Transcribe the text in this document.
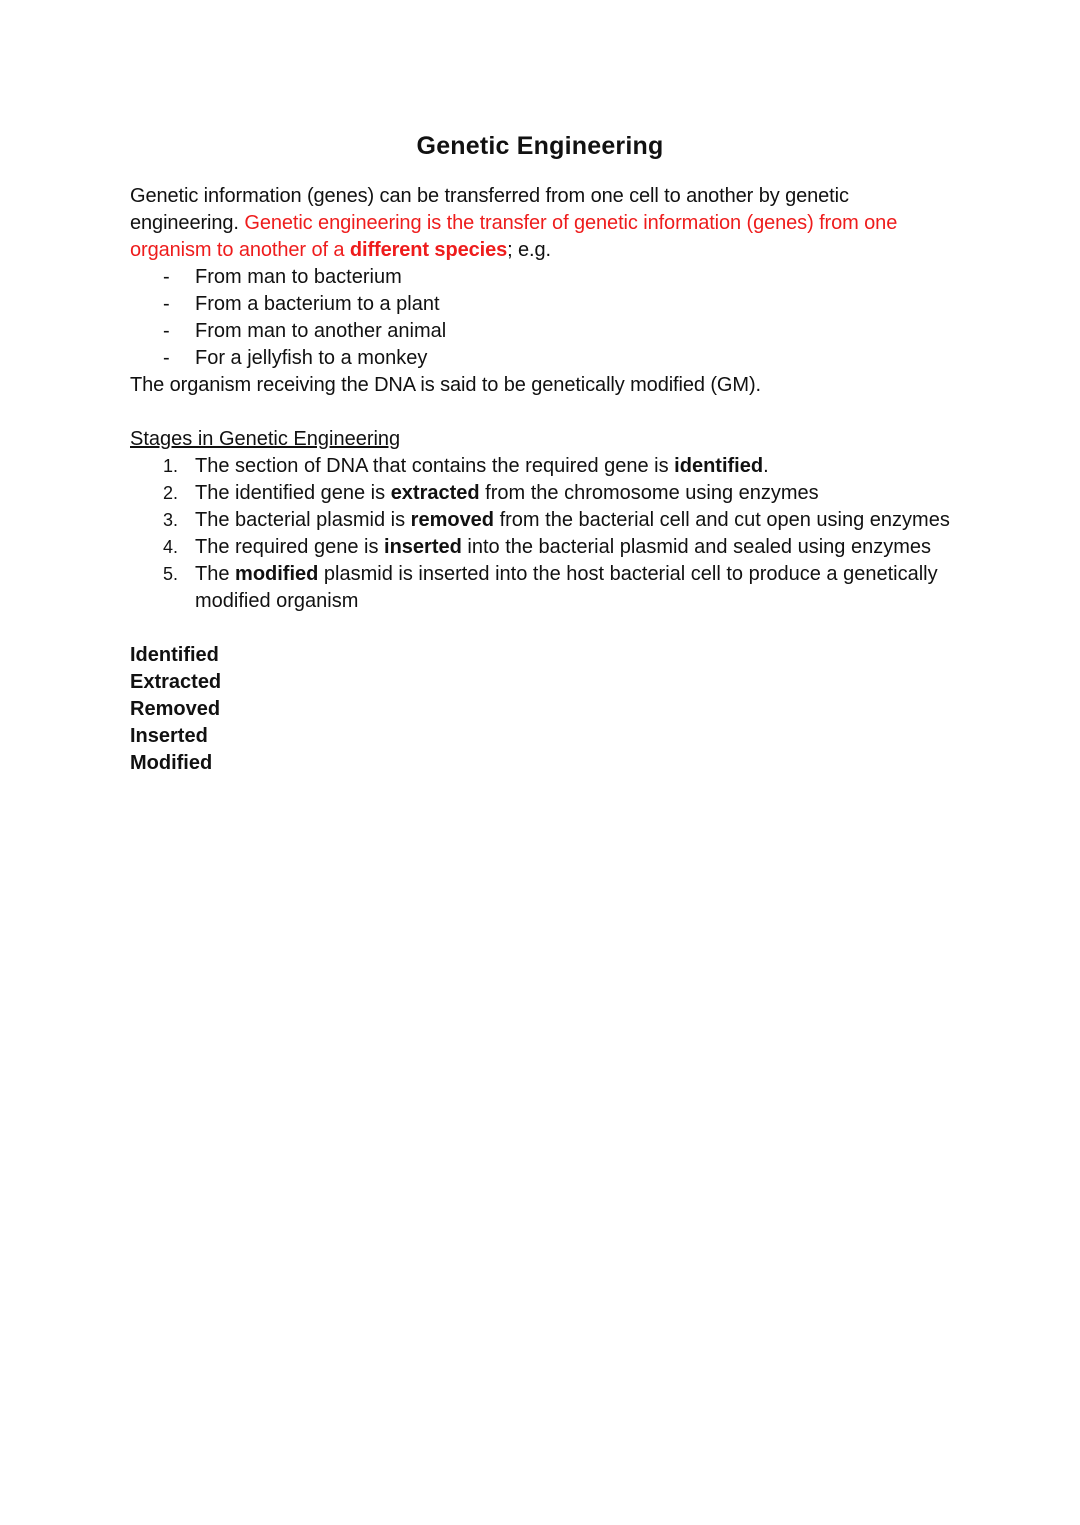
Genetic Engineering

Genetic information (genes) can be transferred from one cell to another by genetic engineering. Genetic engineering is the transfer of genetic information (genes) from one organism to another of a different species; e.g.

- From man to bacterium
- From a bacterium to a plant
- From man to another animal
- For a jellyfish to a monkey

The organism receiving the DNA is said to be genetically modified (GM).

Stages in Genetic Engineering

1. The section of DNA that contains the required gene is identified.
2. The identified gene is extracted from the chromosome using enzymes
3. The bacterial plasmid is removed from the bacterial cell and cut open using enzymes
4. The required gene is inserted into the bacterial plasmid and sealed using enzymes
5. The modified plasmid is inserted into the host bacterial cell to produce a genetically modified organism
Identified
Extracted
Removed
Inserted
Modified
